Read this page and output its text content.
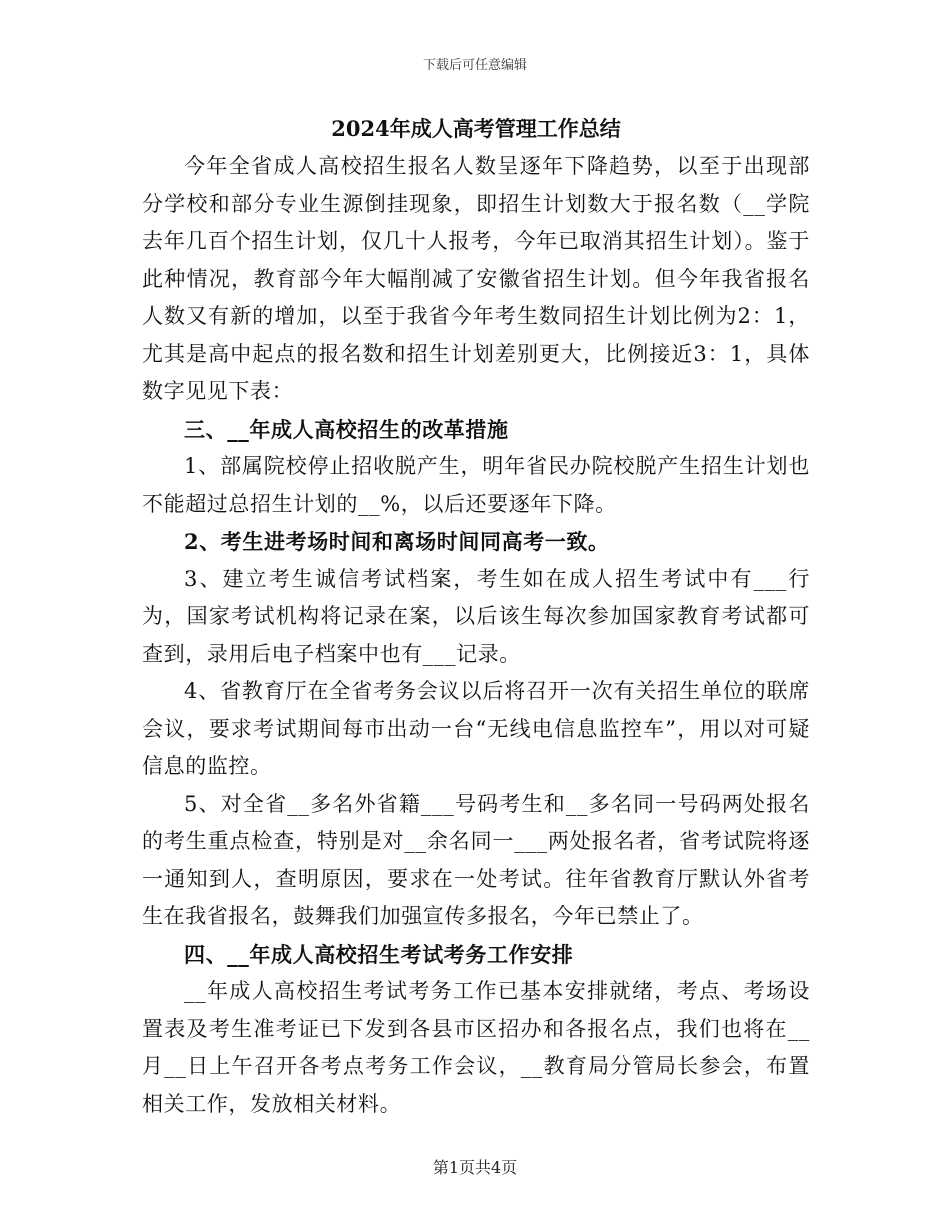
下载后可任意编辑
2024年成人高考管理工作总结

今年全省成人高校招生报名人数呈逐年下降趋势，以至于出现部分学校和部分专业生源倒挂现象，即招生计划数大于报名数（__学院去年几百个招生计划，仅几十人报考，今年已取消其招生计划）。鉴于此种情况，教育部今年大幅削减了安徽省招生计划。但今年我省报名人数又有新的增加，以至于我省今年考生数同招生计划比例为2：1，尤其是高中起点的报名数和招生计划差别更大，比例接近3：1，具体数字见见下表：

三、__年成人高校招生的改革措施

1、部属院校停止招收脱产生，明年省民办院校脱产生招生计划也不能超过总招生计划的__%，以后还要逐年下降。

2、考生进考场时间和离场时间同高考一致。

3、建立考生诚信考试档案，考生如在成人招生考试中有___行为，国家考试机构将记录在案，以后该生每次参加国家教育考试都可查到，录用后电子档案中也有___记录。

4、省教育厅在全省考务会议以后将召开一次有关招生单位的联席会议，要求考试期间每市出动一台“无线电信息监控车”，用以对可疑信息的监控。

5、对全省__多名外省籍___号码考生和__多名同一号码两处报名的考生重点检查，特别是对__余名同一___两处报名者，省考试院将逐一通知到人，查明原因，要求在一处考试。往年省教育厅默认外省考生在我省报名，鼓舞我们加强宣传多报名，今年已禁止了。

四、__年成人高校招生考试考务工作安排

__年成人高校招生考试考务工作已基本安排就绪，考点、考场设置表及考生准考证已下发到各县市区招办和各报名点，我们也将在__月__日上午召开各考点考务工作会议，__教育局分管局长参会，布置相关工作，发放相关材料。

第1页共4页
